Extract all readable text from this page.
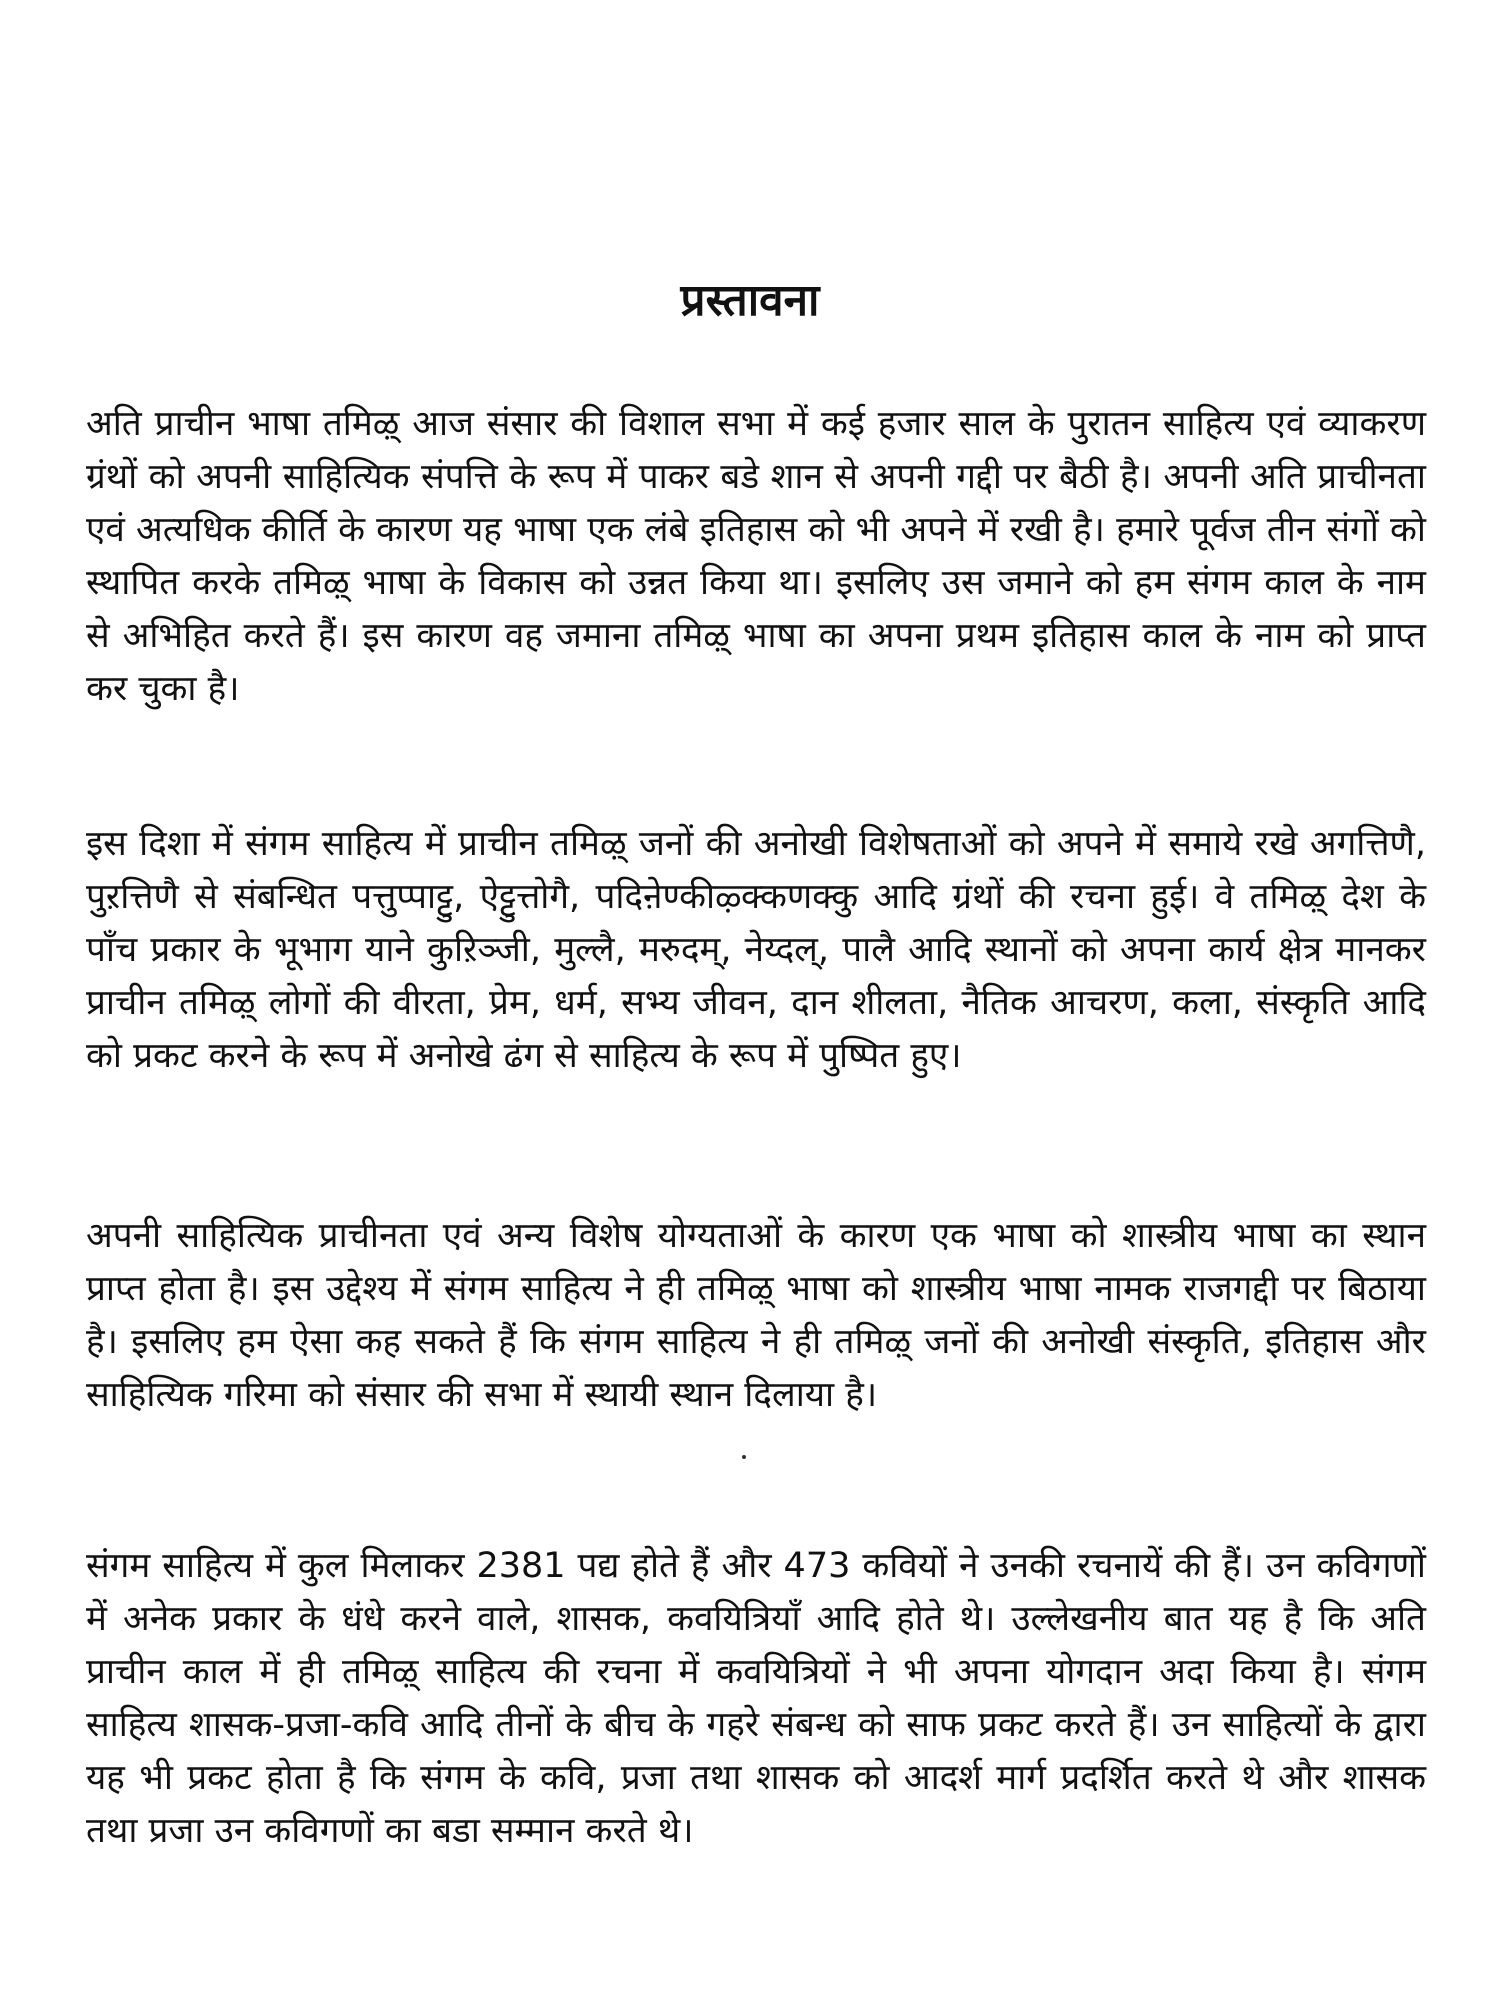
प्रस्तावना

अति प्राचीन भाषा तमिऴ् आज संसार की विशाल सभा में कई हजार साल के पुरातन साहित्य एवं व्याकरण ग्रंथों को अपनी साहित्यिक संपत्ति के रूप में पाकर बडे शान से अपनी गद्दी पर बैठी है। अपनी अति प्राचीनता एवं अत्यधिक कीर्ति के कारण यह भाषा एक लंबे इतिहास को भी अपने में रखी है। हमारे पूर्वज तीन संगों को स्थापित करके तमिऴ् भाषा के विकास को उन्नत किया था। इसलिए उस जमाने को हम संगम काल के नाम से अभिहित करते हैं। इस कारण वह जमाना तमिऴ् भाषा का अपना प्रथम इतिहास काल के नाम को प्राप्त कर चुका है।

इस दिशा में संगम साहित्य में प्राचीन तमिऴ् जनों की अनोखी विशेषताओं को अपने में समाये रखे अगत्तिणै, पुऱत्तिणै से संबन्धित पत्तुप्पाट्टु, ऐट्टुत्तोगै, पदिऩेण्कीऴ्क्कणक्कु आदि ग्रंथों की रचना हुई। वे तमिऴ् देश के पाँच प्रकार के भूभाग याने कुऱिञ्जी, मुल्लै, मरुदम्, नेय्दल्, पालै आदि स्थानों को अपना कार्य क्षेत्र मानकर प्राचीन तमिऴ् लोगों की वीरता, प्रेम, धर्म, सभ्य जीवन, दान शीलता, नैतिक आचरण, कला, संस्कृति आदि को प्रकट करने के रूप में अनोखे ढंग से साहित्य के रूप में पुष्पित हुए।

अपनी साहित्यिक प्राचीनता एवं अन्य विशेष योग्यताओं के कारण एक भाषा को शास्त्रीय भाषा का स्थान प्राप्त होता है। इस उद्देश्य में संगम साहित्य ने ही तमिऴ् भाषा को शास्त्रीय भाषा नामक राजगद्दी पर बिठाया है। इसलिए हम ऐसा कह सकते हैं कि संगम साहित्य ने ही तमिऴ् जनों की अनोखी संस्कृति, इतिहास और साहित्यिक गरिमा को संसार की सभा में स्थायी स्थान दिलाया है।

संगम साहित्य में कुल मिलाकर 2381 पद्य होते हैं और 473 कवियों ने उनकी रचनायें की हैं। उन कविगणों में अनेक प्रकार के धंधे करने वाले, शासक, कवयित्रियाँ आदि होते थे। उल्लेखनीय बात यह है कि अति प्राचीन काल में ही तमिऴ् साहित्य की रचना में कवयित्रियों ने भी अपना योगदान अदा किया है। संगम साहित्य शासक-प्रजा-कवि आदि तीनों के बीच के गहरे संबन्ध को साफ प्रकट करते हैं। उन साहित्यों के द्वारा यह भी प्रकट होता है कि संगम के कवि, प्रजा तथा शासक को आदर्श मार्ग प्रदर्शित करते थे और शासक तथा प्रजा उन कविगणों का बडा सम्मान करते थे।
